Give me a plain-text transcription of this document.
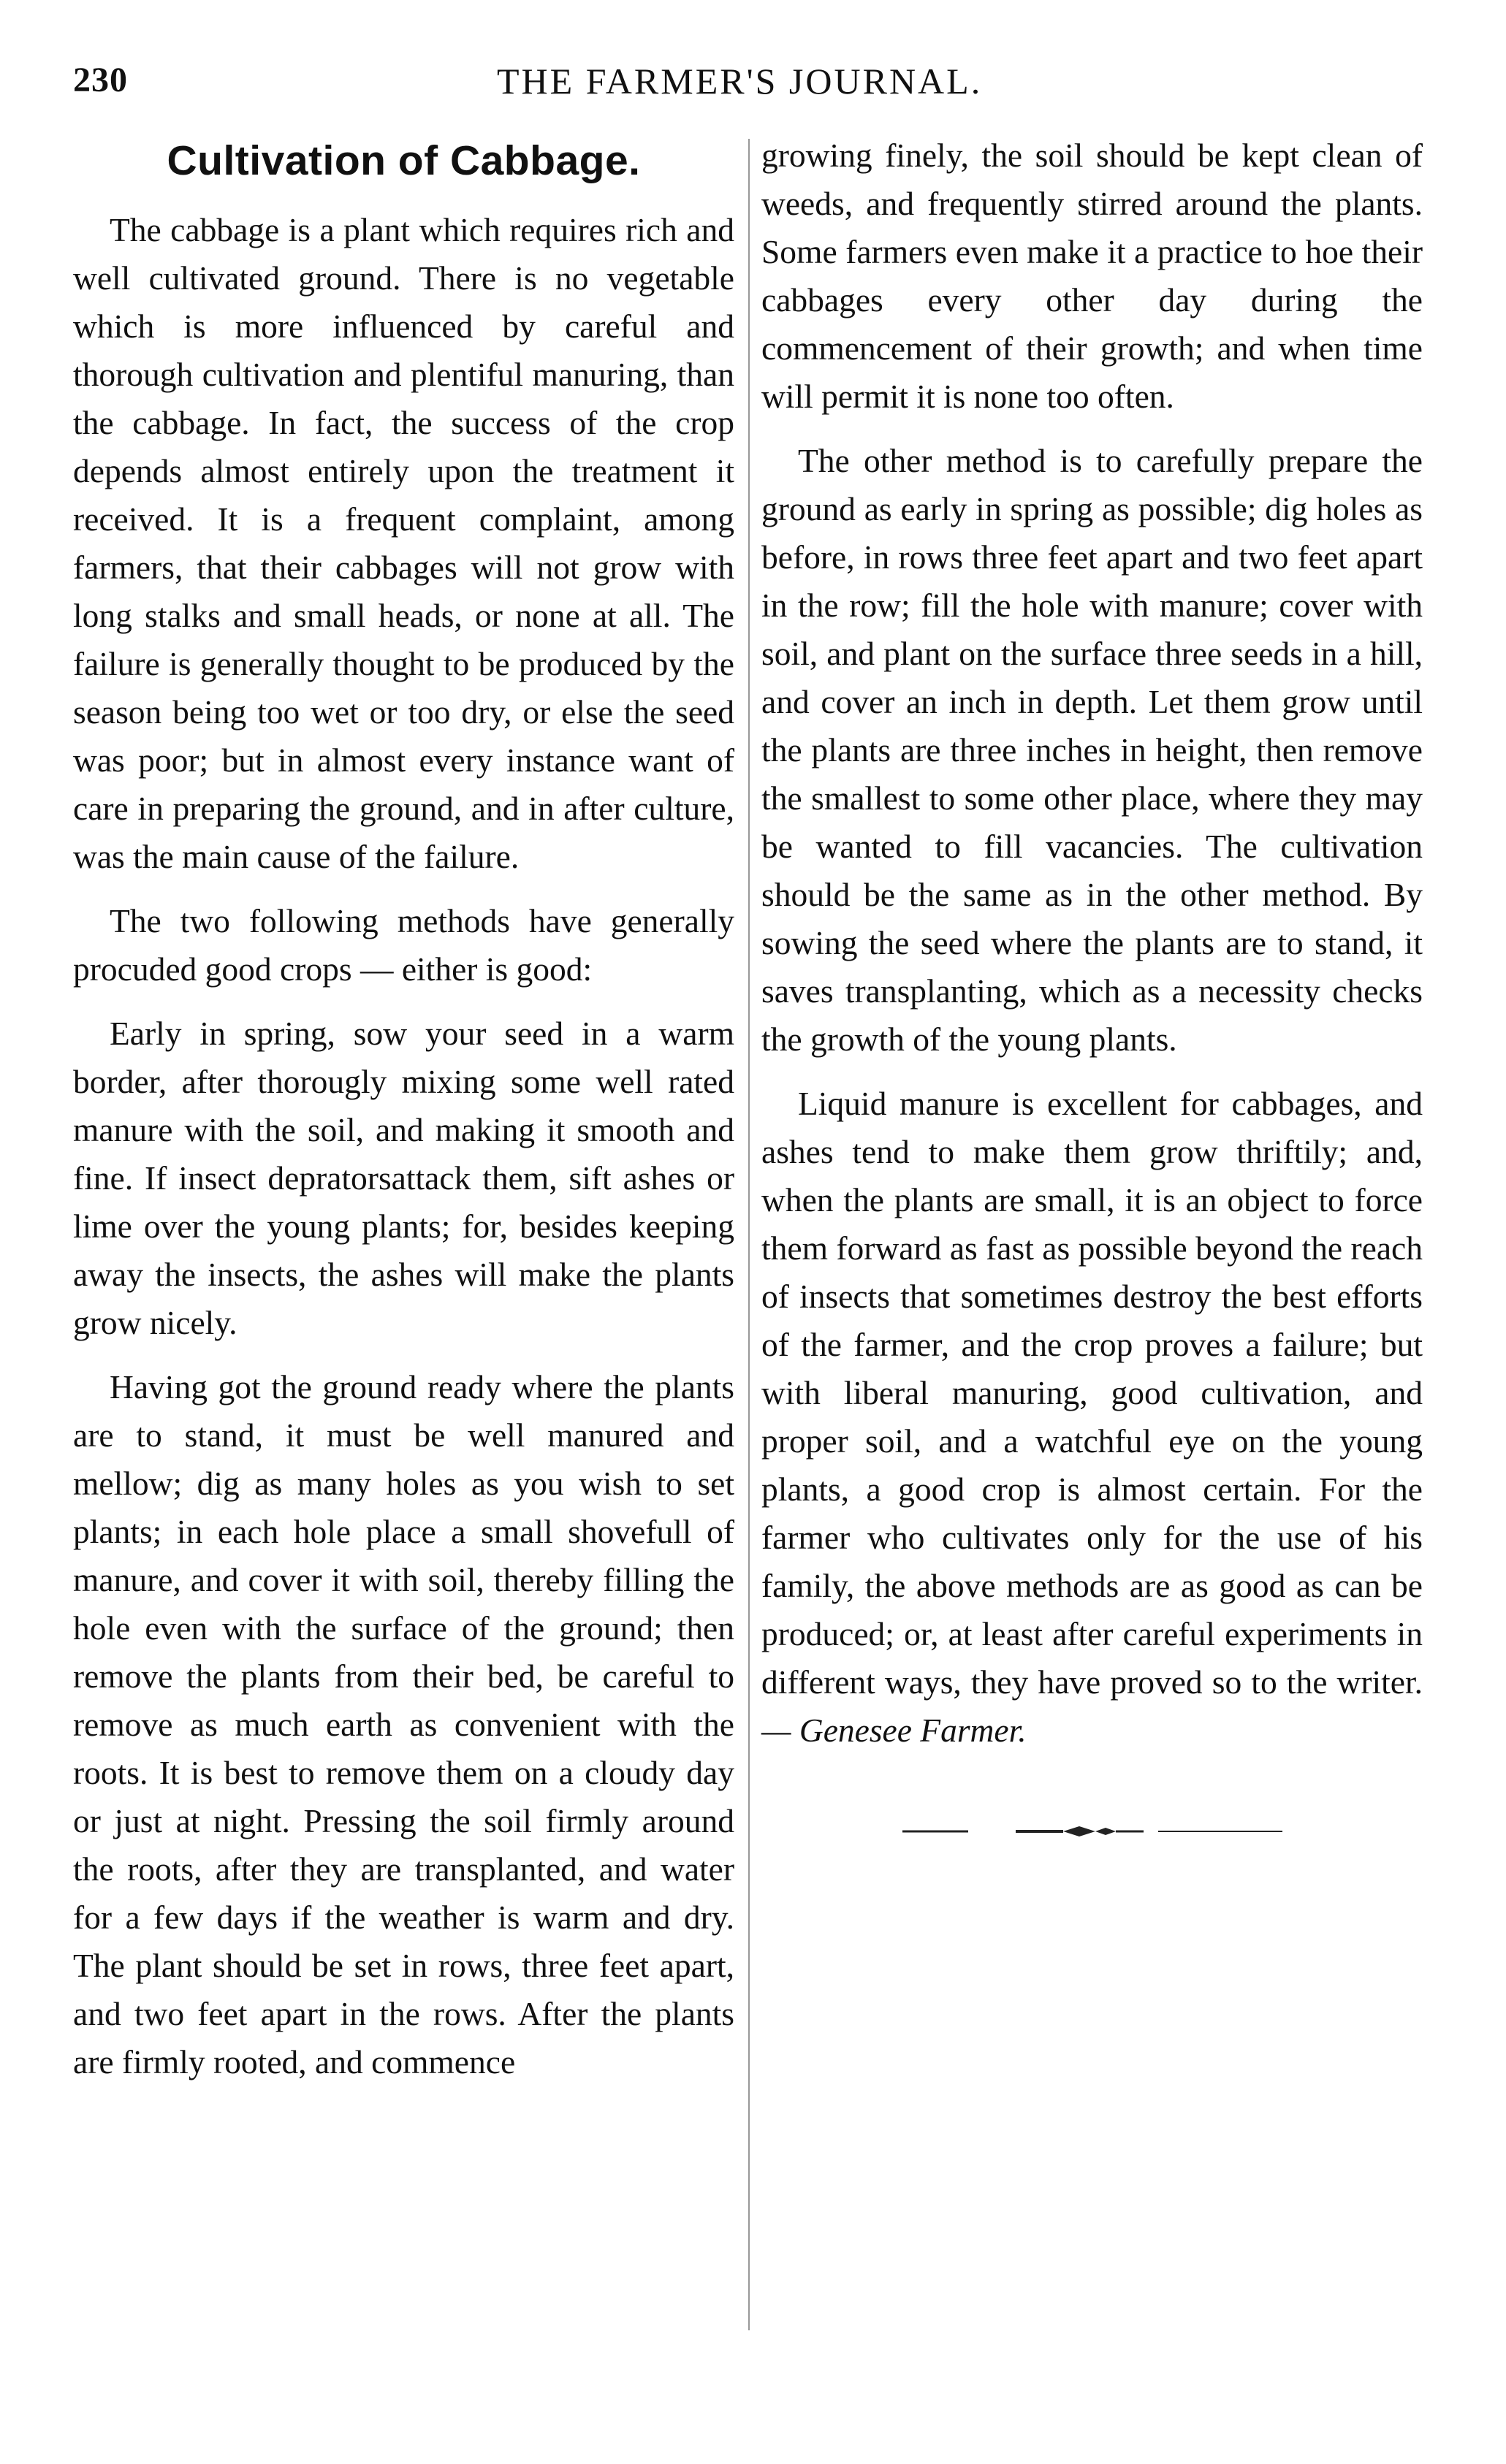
230	THE FARMER'S JOURNAL.
Cultivation of Cabbage.

The cabbage is a plant which requires rich and well cultivated ground. There is no vegetable which is more influenced by careful and thorough cultivation and plentiful manuring, than the cabbage. In fact, the success of the crop depends almost entirely upon the treatment it received. It is a frequent complaint, among farmers, that their cabbages will not grow with long stalks and small heads, or none at all. The failure is generally thought to be produced by the season being too wet or too dry, or else the seed was poor; but in almost every instance want of care in preparing the ground, and in after culture, was the main cause of the failure.

The two following methods have generally procuded good crops — either is good:

Early in spring, sow your seed in a warm border, after thorougly mixing some well rated manure with the soil, and making it smooth and fine. If insect depratorsattack them, sift ashes or lime over the young plants; for, besides keeping away the insects, the ashes will make the plants grow nicely.

Having got the ground ready where the plants are to stand, it must be well manured and mellow; dig as many holes as you wish to set plants; in each hole place a small shovefull of manure, and cover it with soil, thereby filling the hole even with the surface of the ground; then remove the plants from their bed, be careful to remove as much earth as convenient with the roots. It is best to remove them on a cloudy day or just at night. Pressing the soil firmly around the roots, after they are transplanted, and water for a few days if the weather is warm and dry. The plant should be set in rows, three feet apart, and two feet apart in the rows. After the plants are firmly rooted, and commence

growing finely, the soil should be kept clean of weeds, and frequently stirred around the plants. Some farmers even make it a practice to hoe their cabbages every other day during the commencement of their growth; and when time will permit it is none too often.

The other method is to carefully prepare the ground as early in spring as possible; dig holes as before, in rows three feet apart and two feet apart in the row; fill the hole with manure; cover with soil, and plant on the surface three seeds in a hill, and cover an inch in depth. Let them grow until the plants are three inches in height, then remove the smallest to some other place, where they may be wanted to fill vacancies. The cultivation should be the same as in the other method. By sowing the seed where the plants are to stand, it saves transplanting, which as a necessity checks the growth of the young plants.

Liquid manure is excellent for cabbages, and ashes tend to make them grow thriftily; and, when the plants are small, it is an object to force them forward as fast as possible beyond the reach of insects that sometimes destroy the best efforts of the farmer, and the crop proves a failure; but with liberal manuring, good cultivation, and proper soil, and a watchful eye on the young plants, a good crop is almost certain. For the farmer who cultivates only for the use of his family, the above methods are as good as can be produced; or, at least after careful experiments in different ways, they have proved so to the writer. — Genesee Farmer.
